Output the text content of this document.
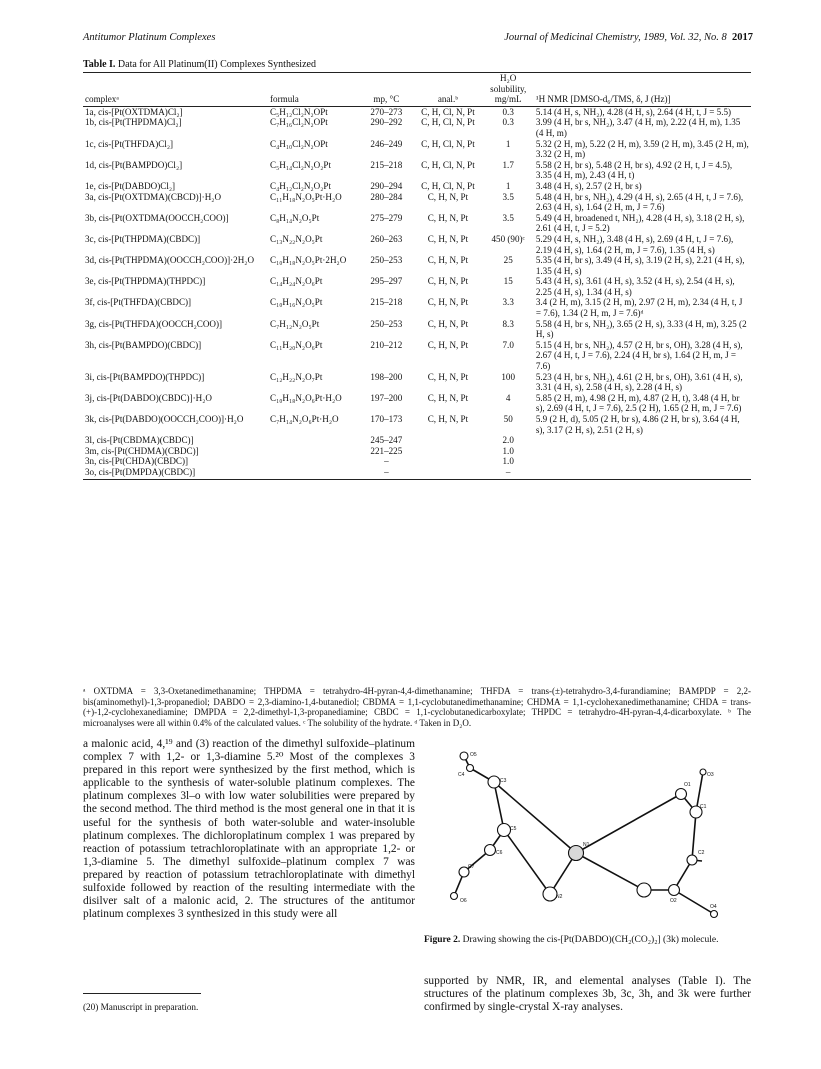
Antitumor Platinum Complexes	Journal of Medicinal Chemistry, 1989, Vol. 32, No. 8 2017
Table I. Data for All Platinum(II) Complexes Synthesized
complexᵃ	formula	mp, °C	anal.ᵇ	H₂O solubility, mg/mL	¹H NMR [DMSO-d₆/TMS, δ, J (Hz)]

1a, cis-[Pt(OXTDMA)Cl₂]	C₅H₁₂Cl₂N₂OPt	270–273	C, H, Cl, N, Pt	0.3	5.14 (4 H, s, NH₂), 4.28 (4 H, s), 2.64 (4 H, t, J = 5.5)
1b, cis-[Pt(THPDMA)Cl₂]	C₇H₁₆Cl₂N₂OPt	290–292	C, H, Cl, N, Pt	0.3	3.99 (4 H, br s, NH₂), 3.47 (4 H, m), 2.22 (4 H, m), 1.35 (4 H, m)
1c, cis-[Pt(THFDA)Cl₂]	C₄H₁₀Cl₂N₂OPt	246–249	C, H, Cl, N, Pt	1	5.32 (2 H, m), 5.22 (2 H, m), 3.59 (2 H, m), 3.45 (2 H, m), 3.32 (2 H, m)
1d, cis-[Pt(BAMPDO)Cl₂]	C₅H₁₄Cl₂N₂O₂Pt	215–218	C, H, Cl, N, Pt	1.7	5.58 (2 H, br s), 5.48 (2 H, br s), 4.92 (2 H, t, J = 4.5), 3.35 (4 H, m), 2.43 (4 H, t)
1e, cis-[Pt(DABDO)Cl₂]	C₄H₁₂Cl₂N₂O₂Pt	290–294	C, H, Cl, N, Pt	1	3.48 (4 H, s), 2.57 (2 H, br s)
3a, cis-[Pt(OXTDMA)(CBCD)]·H₂O	C₁₁H₁₈N₂O₅Pt·H₂O	280–284	C, H, N, Pt	3.5	5.48 (4 H, br s, NH₂), 4.29 (4 H, s), 2.65 (4 H, t, J = 7.6), 2.63 (4 H, s), 1.64 (2 H, m, J = 7.6)
3b, cis-[Pt(OXTDMA(OOCCH₂COO)]	C₈H₁₄N₂O₅Pt	275–279	C, H, N, Pt	3.5	5.49 (4 H, broadened t, NH₂), 4.28 (4 H, s), 3.18 (2 H, s), 2.61 (4 H, t, J = 5.2)
3c, cis-[Pt(THPDMA)(CBDC)]	C₁₃N₂₂N₂O₅Pt	260–263	C, H, N, Pt	450 (90)ᶜ	5.29 (4 H, s, NH₂), 3.48 (4 H, s), 2.69 (4 H, t, J = 7.6), 2.19 (4 H, s), 1.64 (2 H, m, J = 7.6), 1.35 (4 H, s)
3d, cis-[Pt(THPDMA)(OOCCH₂COO)]·2H₂O	C₁₀H₁₈N₂O₅Pt·2H₂O	250–253	C, H, N, Pt	25	5.35 (4 H, br s), 3.49 (4 H, s), 3.19 (2 H, s), 2.21 (4 H, s), 1.35 (4 H, s)
3e, cis-[Pt(THPDMA)(THPDC)]	C₁₄H₂₄N₂O₆Pt	295–297	C, H, N, Pt	15	5.43 (4 H, s), 3.61 (4 H, s), 3.52 (4 H, s), 2.54 (4 H, s), 2.25 (4 H, s), 1.34 (4 H, s)
3f, cis-[Pt(THFDA)(CBDC)]	C₁₀H₁₆N₂O₅Pt	215–218	C, H, N, Pt	3.3	3.4 (2 H, m), 3.15 (2 H, m), 2.97 (2 H, m), 2.34 (4 H, t, J = 7.6), 1.34 (2 H, m, J = 7.6)ᵈ
3g, cis-[Pt(THFDA)(OOCCH₂COO)]	C₇H₁₂N₂O₅Pt	250–253	C, H, N, Pt	8.3	5.58 (4 H, br s, NH₂), 3.65 (2 H, s), 3.33 (4 H, m), 3.25 (2 H, s)
3h, cis-[Pt(BAMPDO)(CBDC)]	C₁₁H₂₀N₂O₆Pt	210–212	C, H, N, Pt	7.0	5.15 (4 H, br s, NH₂), 4.57 (2 H, br s, OH), 3.28 (4 H, s), 2.67 (4 H, t, J = 7.6), 2.24 (4 H, br s), 1.64 (2 H, m, J = 7.6)
3i, cis-[Pt(BAMPDO)(THPDC)]	C₁₂H₂₂N₂O₇Pt	198–200	C, H, N, Pt	100	5.23 (4 H, br s, NH₂), 4.61 (2 H, br s, OH), 3.61 (4 H, s), 3.31 (4 H, s), 2.58 (4 H, s), 2.28 (4 H, s)
3j, cis-[Pt(DABDO)(CBDC)]·H₂O	C₁₀H₁₈N₂O₆Pt·H₂O	197–200	C, H, N, Pt	4	5.85 (2 H, m), 4.98 (2 H, m), 4.87 (2 H, t), 3.48 (4 H, br s), 2.69 (4 H, t, J = 7.6), 2.5 (2 H), 1.65 (2 H, m, J = 7.6)
3k, cis-[Pt(DABDO)(OOCCH₂COO)]·H₂O	C₇H₁₄N₂O₆Pt·H₂O	170–173	C, H, N, Pt	50	5.9 (2 H, d), 5.05 (2 H, br s), 4.86 (2 H, br s), 3.64 (4 H, s), 3.17 (2 H, s), 2.51 (2 H, s)
3l, cis-[Pt(CBDMA)(CBDC)]		245–247		2.0	
3m, cis-[Pt(CHDMA)(CBDC)]		221–225		1.0	
3n, cis-[Pt(CHDA)(CBDC)]		–		1.0	
3o, cis-[Pt(DMPDA)(CBDC)]		–		–	
ᵃ OXTDMA = 3,3-Oxetanedimethanamine; THPDMA = tetrahydro-4H-pyran-4,4-dimethanamine; THFDA = trans-(±)-tetrahydro-3,4-furandiamine; BAMPDP = 2,2-bis(aminomethyl)-1,3-propanediol; DABDO = 2,3-diamino-1,4-butanediol; CBDMA = 1,1-cyclobutanedimethanamine; CHDMA = 1,1-cyclohexanedimethanamine; CHDA = trans-(+)-1,2-cyclohexanediamine; DMPDA = 2,2-dimethyl-1,3-propanediamine; CBDC = 1,1-cyclobutanedicarboxylate; THPDC = tetrahydro-4H-pyran-4,4-dicarboxylate. ᵇ The microanalyses were all within 0.4% of the calculated values. ᶜ The solubility of the hydrate. ᵈ Taken in D₂O.
a malonic acid, 4,¹⁹ and (3) reaction of the dimethyl sulfoxide–platinum complex 7 with 1,2- or 1,3-diamine 5.²⁰ Most of the complexes 3 prepared in this report were synthesized by the first method, which is applicable to the synthesis of water-soluble platinum complexes. The platinum complexes 3l–o with low water solubilities were prepared by the second method. The third method is the most general one in that it is useful for the synthesis of both water-soluble and water-insoluble platinum complexes. The dichloroplatinum complex 1 was prepared by reaction of potassium tetrachloroplatinate with an appropriate 1,2- or 1,3-diamine 5. The dimethyl sulfoxide–platinum complex 7 was prepared by reaction of potassium tetrachloroplatinate with dimethyl sulfoxide followed by reaction of the resulting intermediate with the disilver salt of a malonic acid, 2. The structures of the antitumor platinum complexes 3 synthesized in this study were all
(20) Manuscript in preparation.
O5
C4
C3
O1
C1
O3
C2
N1
C5
C6
N2
O2
O4
C7
O6
Figure 2. Drawing showing the cis-[Pt(DABDO)(CH₂(CO₂)₂] (3k) molecule.
supported by NMR, IR, and elemental analyses (Table I). The structures of the platinum complexes 3b, 3c, 3h, and 3k were further confirmed by single-crystal X-ray analyses.
